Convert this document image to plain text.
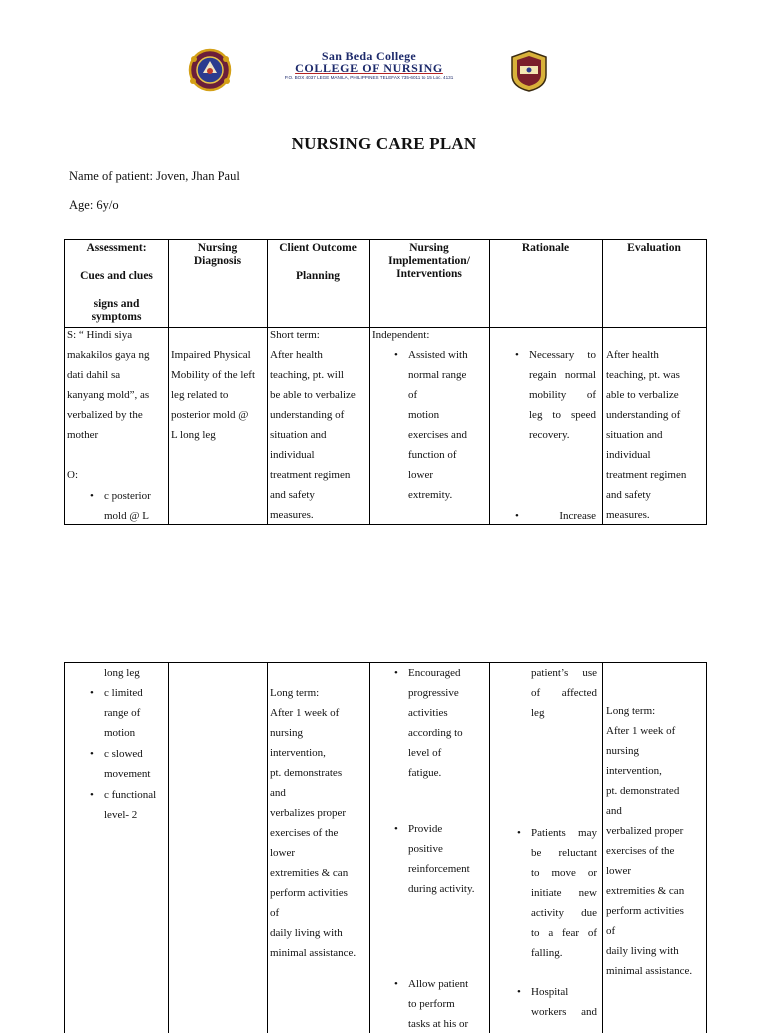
San Beda College
COLLEGE OF NURSING
P.O. BOX 4037 LEGE MANILA, PHILIPPINES TELEFAX 735-6011 to 15 Loc. 4131
NURSING CARE PLAN
Name of patient: Joven, Jhan Paul
Age: 6y/o
Assessment:
Cues and clues
signs and
symptoms
Nursing
Diagnosis
Client Outcome
Planning
Nursing
Implementation/
Interventions
Rationale	Evaluation
S: “ Hindi siya
makakilos gaya ng
dati dahil sa
kanyang mold”, as
verbalized by the
mother
O:
• c posterior
mold @ L
Impaired Physical
Mobility of the left
leg related to
posterior mold @
L long leg
Short term:
After health
teaching, pt. will
be able to verbalize
understanding of
situation and
individual
treatment regimen
and safety
measures.
Independent:
• Assisted with
normal range
of
motion
exercises and
function of
lower
extremity.
• Necessary to
regain normal
mobility of
leg to speed
recovery.
• Increase
After health
teaching, pt. was
able to verbalize
understanding of
situation and
individual
treatment regimen
and safety
measures.
long leg
• c limited
range of
motion
• c slowed
movement
• c functional
level- 2
Long term:
After 1 week of
nursing
intervention,
pt. demonstrates
and
verbalizes proper
exercises of the
lower
extremities & can
perform activities
of
daily living with
minimal assistance.
• Encouraged
progressive
activities
according to
level of
fatigue.
• Provide
positive
reinforcement
during activity.
• Allow patient
to perform
tasks at his or
patient’s use
of affected
leg
• Patients may
be reluctant
to move or
initiate new
activity due
to a fear of
falling.
• Hospital
workers and
Long term:
After 1 week of
nursing
intervention,
pt. demonstrated
and
verbalized proper
exercises of the
lower
extremities & can
perform activities
of
daily living with
minimal assistance.
